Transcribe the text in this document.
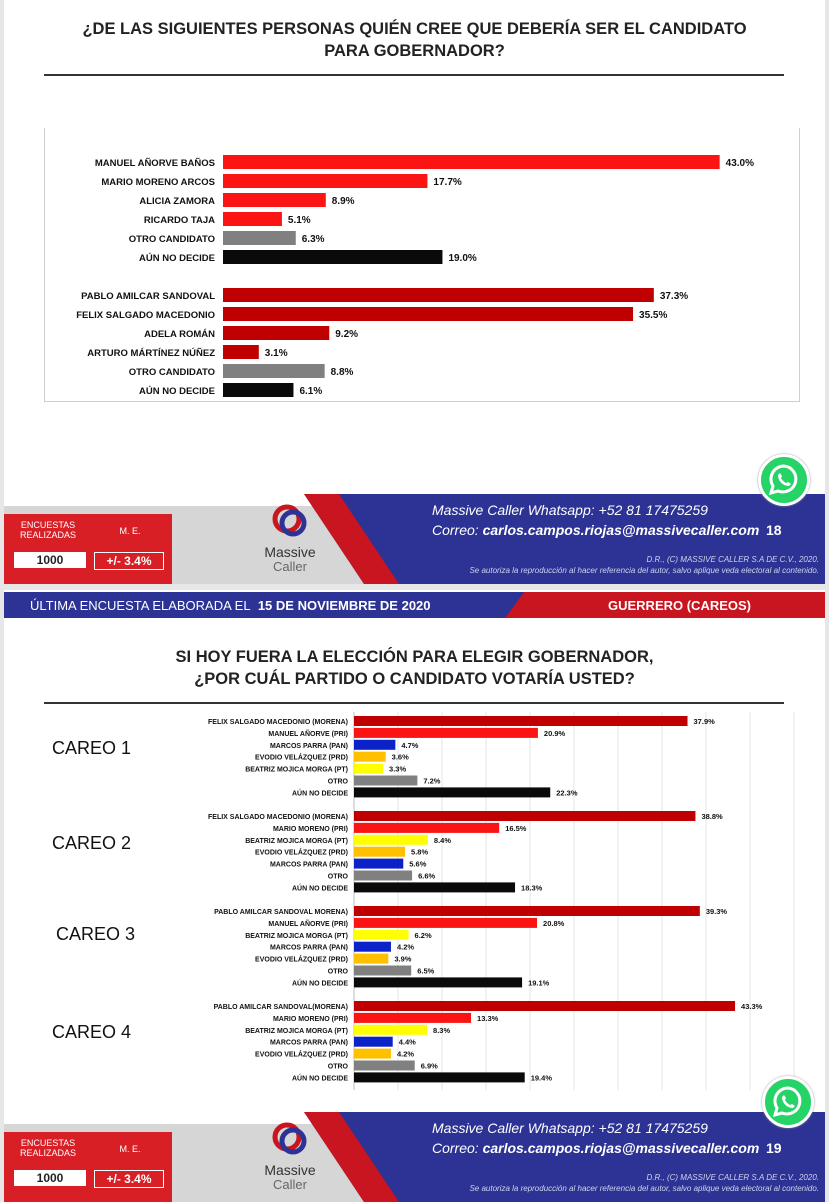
¿DE LAS SIGUIENTES PERSONAS QUIÉN CREE QUE DEBERÍA SER EL CANDIDATO PARA GOBERNADOR?
MANUEL AÑORVE BAÑOS	43.0%
MARIO MORENO ARCOS	17.7%
ALICIA ZAMORA	8.9%
RICARDO TAJA	5.1%
OTRO CANDIDATO	6.3%
AÚN NO DECIDE	19.0%
PABLO AMILCAR SANDOVAL	37.3%
FELIX SALGADO MACEDONIO	35.5%
ADELA ROMÁN	9.2%
ARTURO MÁRTÍNEZ NÚÑEZ	3.1%
OTRO CANDIDATO	8.8%
AÚN NO DECIDE	6.1%
ENCUESTAS REALIZADAS	M. E.
1000	+/- 3.4%
Massive
Caller
Massive Caller Whatsapp: +52 81 17475259
Correo: carlos.campos.riojas@massivecaller.com 18
D.R., (C) MASSIVE CALLER S.A DE C.V., 2020.
Se autoriza la reproducción al hacer referencia del autor, salvo aplique veda electoral al contenido.
ÚLTIMA ENCUESTA ELABORADA EL 15 DE NOVIEMBRE DE 2020	GUERRERO (CAREOS)
SI HOY FUERA LA ELECCIÓN PARA ELEGIR GOBERNADOR,
¿POR CUÁL PARTIDO O CANDIDATO VOTARÍA USTED?
CAREO 1
CAREO 2
CAREO 3
CAREO 4
FELIX SALGADO MACEDONIO (MORENA)	37.9%
MANUEL AÑORVE (PRI)	20.9%
MARCOS PARRA (PAN)	4.7%
EVODIO VELÁZQUEZ (PRD)	3.6%
BEATRIZ MOJICA MORGA (PT)	3.3%
OTRO	7.2%
AÚN NO DECIDE	22.3%
FELIX SALGADO MACEDONIO (MORENA)	38.8%
MARIO MORENO (PRI)	16.5%
BEATRIZ MOJICA MORGA (PT)	8.4%
EVODIO VELÁZQUEZ (PRD)	5.8%
MARCOS PARRA (PAN)	5.6%
OTRO	6.6%
AÚN NO DECIDE	18.3%
PABLO AMILCAR SANDOVAL MORENA)	39.3%
MANUEL AÑORVE (PRI)	20.8%
BEATRIZ MOJICA MORGA (PT)	6.2%
MARCOS PARRA (PAN)	4.2%
EVODIO VELÁZQUEZ (PRD)	3.9%
OTRO	6.5%
AÚN NO DECIDE	19.1%
PABLO AMILCAR SANDOVAL(MORENA)	43.3%
MARIO MORENO (PRI)	13.3%
BEATRIZ MOJICA MORGA (PT)	8.3%
MARCOS PARRA (PAN)	4.4%
EVODIO VELÁZQUEZ (PRD)	4.2%
OTRO	6.9%
AÚN NO DECIDE	19.4%
ENCUESTAS REALIZADAS	M. E.
1000	+/- 3.4%
Massive
Caller
Massive Caller Whatsapp: +52 81 17475259
Correo: carlos.campos.riojas@massivecaller.com 19
D.R., (C) MASSIVE CALLER S.A DE C.V., 2020.
Se autoriza la reproducción al hacer referencia del autor, salvo aplique veda electoral al contenido.
